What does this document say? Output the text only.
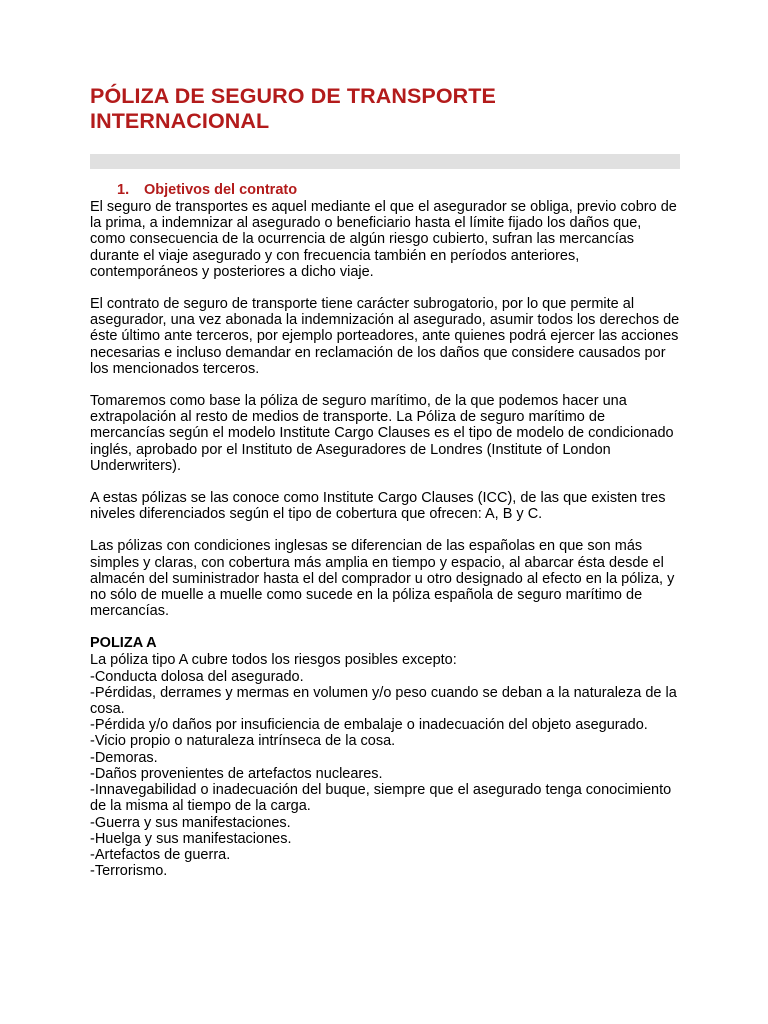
PÓLIZA DE SEGURO DE TRANSPORTE
INTERNACIONAL
1. Objetivos del contrato

El seguro de transportes es aquel mediante el que el asegurador se obliga, previo cobro de la prima, a indemnizar al asegurado o beneficiario hasta el límite fijado los daños que, como consecuencia de la ocurrencia de algún riesgo cubierto, sufran las mercancías durante el viaje asegurado y con frecuencia también en períodos anteriores, contemporáneos y posteriores a dicho viaje.

El contrato de seguro de transporte tiene carácter subrogatorio, por lo que permite al asegurador, una vez abonada la indemnización al asegurado, asumir todos los derechos de éste último ante terceros, por ejemplo porteadores, ante quienes podrá ejercer las acciones necesarias e incluso demandar en reclamación de los daños que considere causados por los mencionados terceros.

Tomaremos como base la póliza de seguro marítimo, de la que podemos hacer una extrapolación al resto de medios de transporte. La Póliza de seguro marítimo de mercancías según el modelo Institute Cargo Clauses es el tipo de modelo de condicionado inglés, aprobado por el Instituto de Aseguradores de Londres (Institute of London Underwriters).

A estas pólizas se las conoce como Institute Cargo Clauses (ICC), de las que existen tres niveles diferenciados según el tipo de cobertura que ofrecen: A, B y C.

Las pólizas con condiciones inglesas se diferencian de las españolas en que son más simples y claras, con cobertura más amplia en tiempo y espacio, al abarcar ésta desde el almacén del suministrador hasta el del comprador u otro designado al efecto en la póliza, y no sólo de muelle a muelle como sucede en la póliza española de seguro marítimo de mercancías.

POLIZA A
La póliza tipo A cubre todos los riesgos posibles excepto:
-Conducta dolosa del asegurado.
-Pérdidas, derrames y mermas en volumen y/o peso cuando se deban a la naturaleza de la cosa.
-Pérdida y/o daños por insuficiencia de embalaje o inadecuación del objeto asegurado.
-Vicio propio o naturaleza intrínseca de la cosa.
-Demoras.
-Daños provenientes de artefactos nucleares.
-Innavegabilidad o inadecuación del buque, siempre que el asegurado tenga conocimiento de la misma al tiempo de la carga.
-Guerra y sus manifestaciones.
-Huelga y sus manifestaciones.
-Artefactos de guerra.
-Terrorismo.
